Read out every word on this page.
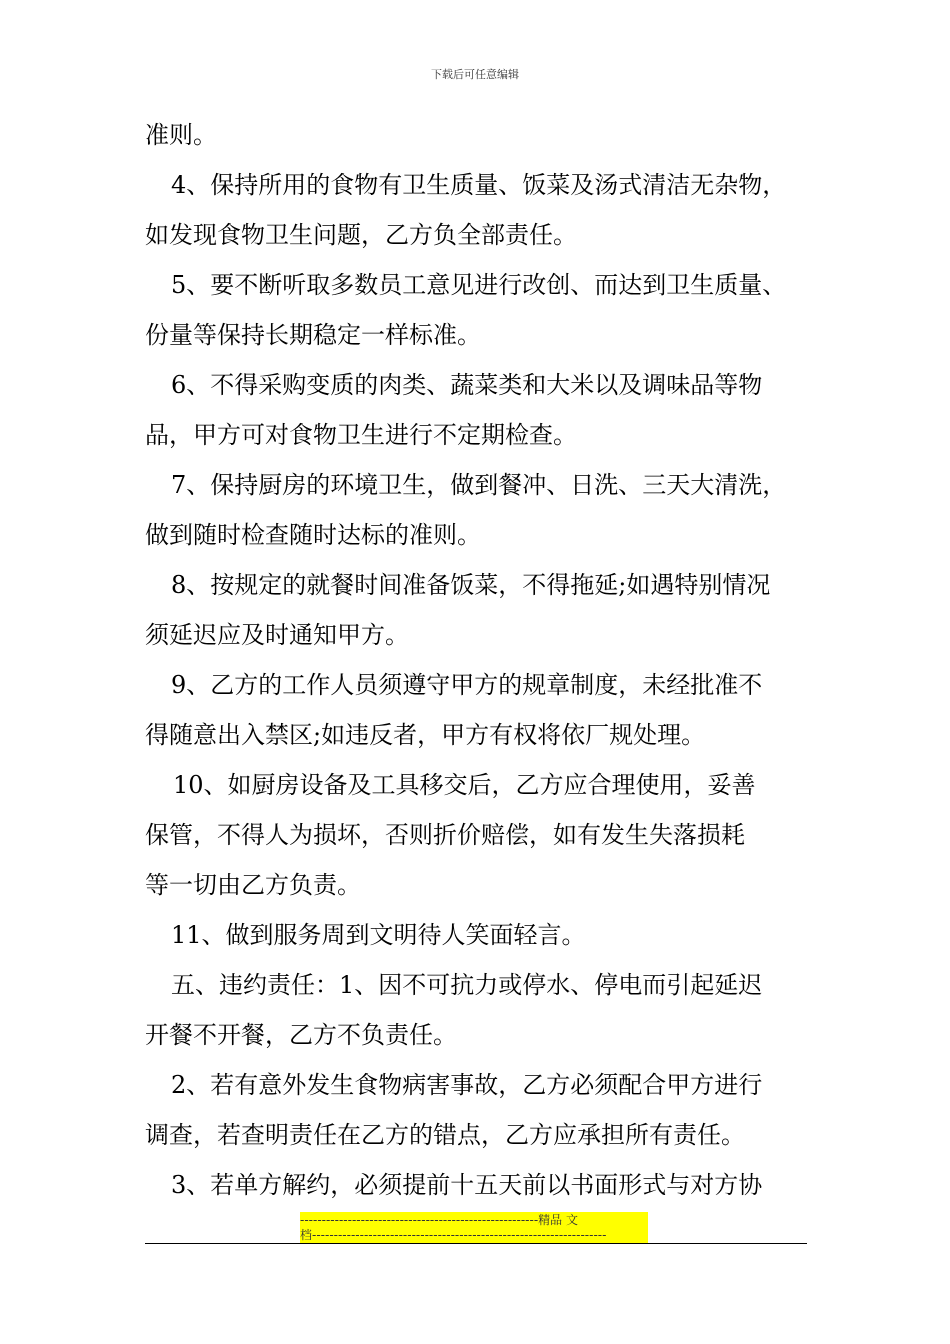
下载后可任意编辑
准则。
4、保持所用的食物有卫生质量、饭菜及汤式清洁无杂物，
如发现食物卫生问题，乙方负全部责任。
5、要不断听取多数员工意见进行改创、而达到卫生质量、
份量等保持长期稳定一样标准。
6、不得采购变质的肉类、蔬菜类和大米以及调味品等物
品，甲方可对食物卫生进行不定期检查。
7、保持厨房的环境卫生，做到餐冲、日洗、三天大清洗，
做到随时检查随时达标的准则。
8、按规定的就餐时间准备饭菜，不得拖延;如遇特别情况
须延迟应及时通知甲方。
9、乙方的工作人员须遵守甲方的规章制度，未经批准不
得随意出入禁区;如违反者，甲方有权将依厂规处理。
10、如厨房设备及工具移交后，乙方应合理使用，妥善
保管，不得人为损坏，否则折价赔偿，如有发生失落损耗
等一切由乙方负责。
11、做到服务周到文明待人笑面轻言。
五、违约责任：1、因不可抗力或停水、停电而引起延迟
开餐不开餐，乙方不负责任。
2、若有意外发生食物病害事故，乙方必须配合甲方进行
调查，若查明责任在乙方的错点，乙方应承担所有责任。
3、若单方解约，必须提前十五天前以书面形式与对方协
-------------------------------------------------------精品 文
档--------------------------------------------------------------------
